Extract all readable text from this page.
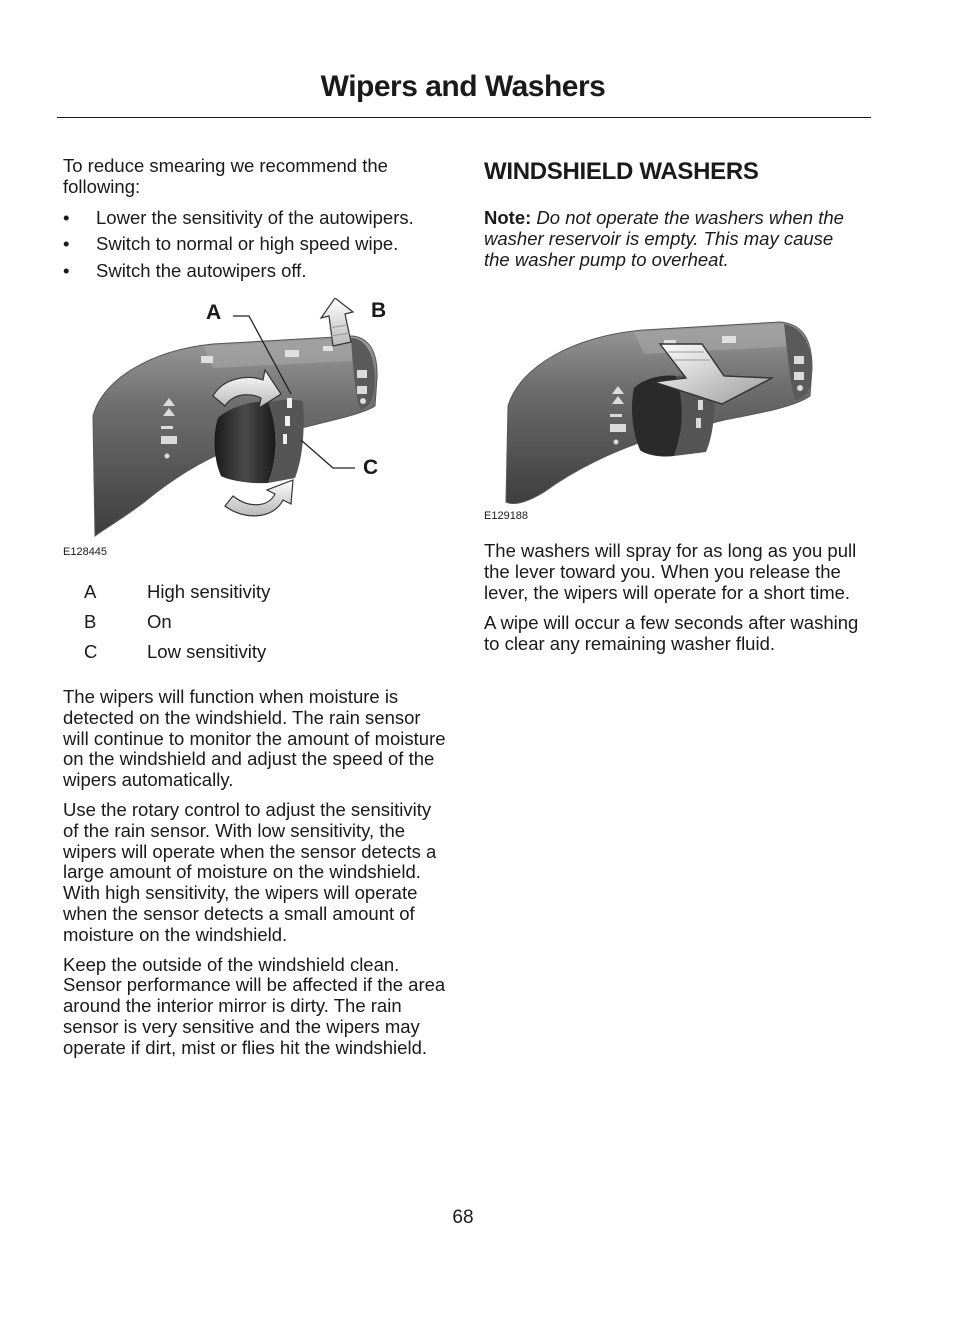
Wipers and Washers

To reduce smearing we recommend the following:

• Lower the sensitivity of the autowipers.
• Switch to normal or high speed wipe.
• Switch the autowipers off.
A	B
C
E128445
A	High sensitivity
B	On
C	Low sensitivity

The wipers will function when moisture is detected on the windshield. The rain sensor will continue to monitor the amount of moisture on the windshield and adjust the speed of the wipers automatically.

Use the rotary control to adjust the sensitivity of the rain sensor. With low sensitivity, the wipers will operate when the sensor detects a large amount of moisture on the windshield. With high sensitivity, the wipers will operate when the sensor detects a small amount of moisture on the windshield.

Keep the outside of the windshield clean. Sensor performance will be affected if the area around the interior mirror is dirty. The rain sensor is very sensitive and the wipers may operate if dirt, mist or flies hit the windshield.

WINDSHIELD WASHERS

Note: Do not operate the washers when the washer reservoir is empty. This may cause the washer pump to overheat.

E129188

The washers will spray for as long as you pull the lever toward you. When you release the lever, the wipers will operate for a short time.

A wipe will occur a few seconds after washing to clear any remaining washer fluid.

68
